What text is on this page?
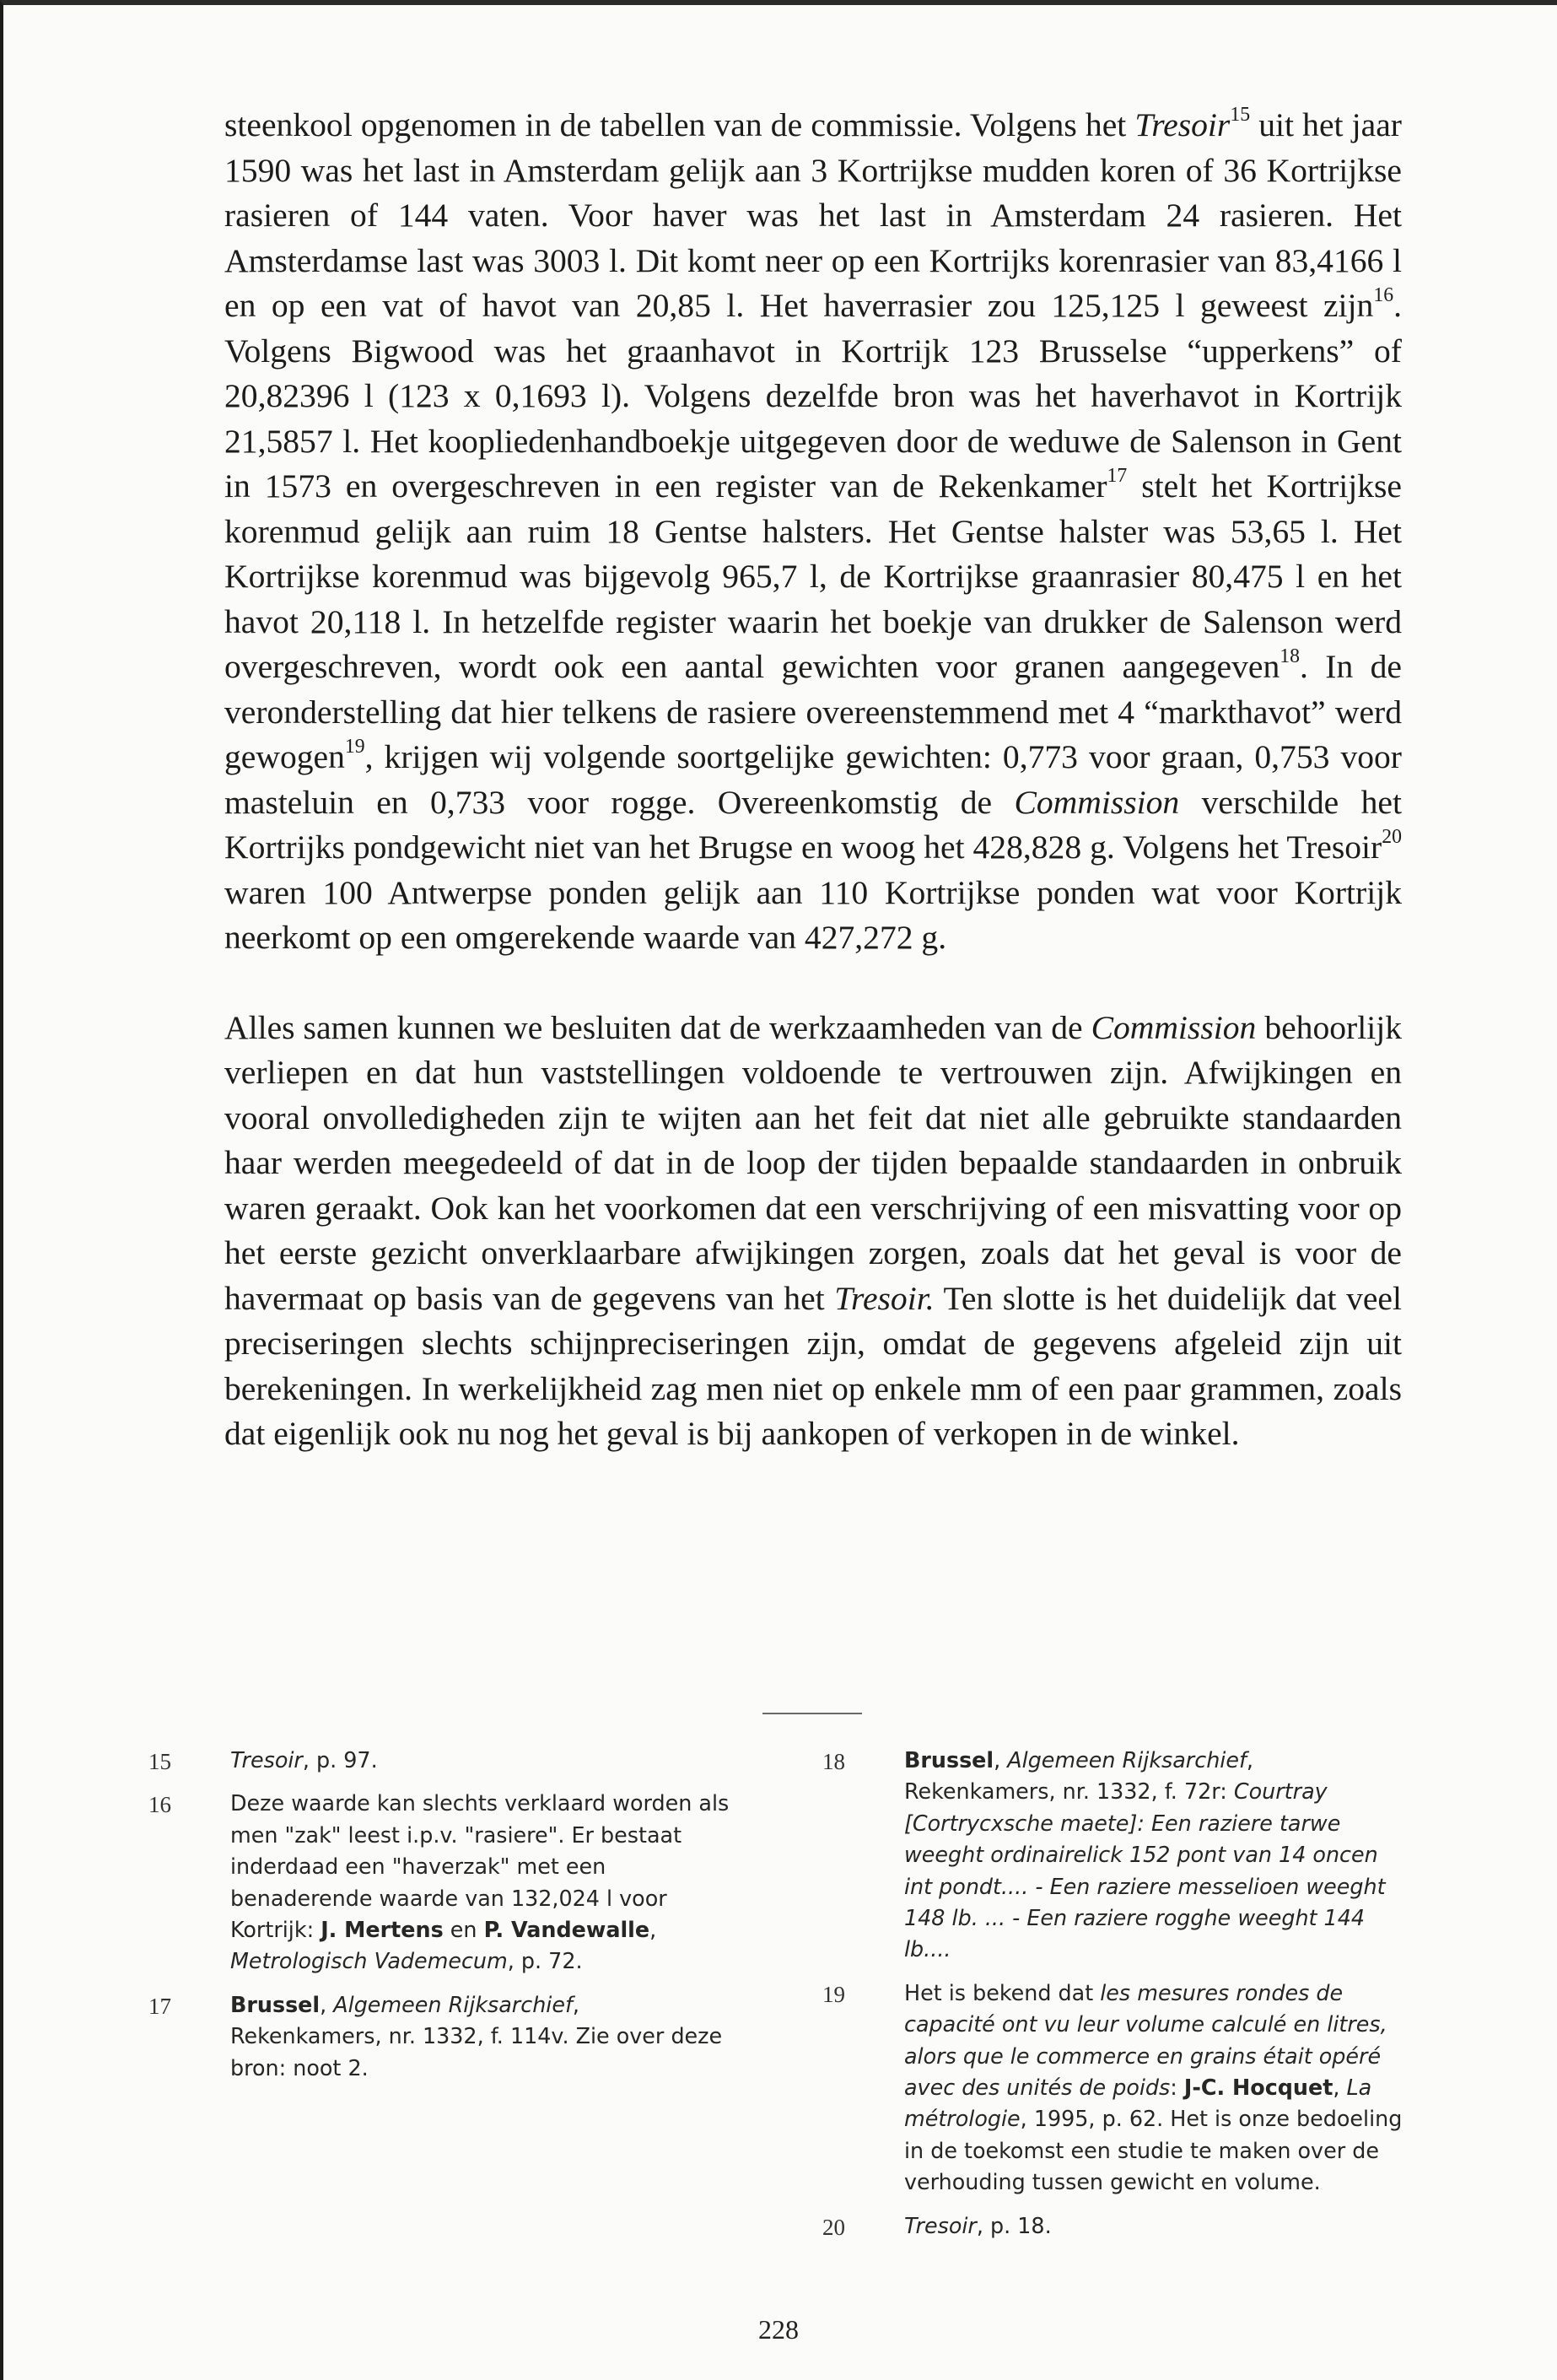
steenkool opgenomen in de tabellen van de commissie. Volgens het Tresoir$^{15}$ uit het jaar 1590 was het last in Amsterdam gelijk aan 3 Kortrijkse mudden koren of 36 Kortrijkse rasieren of 144 vaten. Voor haver was het last in Amsterdam 24 rasieren. Het Amsterdamse last was 3003 l. Dit komt neer op een Kortrijks korenrasier van 83,4166 l en op een vat of havot van 20,85 l. Het haverrasier zou 125,125 l geweest zijn$^{16}$. Volgens Bigwood was het graanhavot in Kortrijk 123 Brusselse “upperkens” of 20,82396 l (123 x 0,1693 l). Volgens dezelfde bron was het haverhavot in Kortrijk 21,5857 l. Het koopliedenhandboekje uitgegeven door de weduwe de Salenson in Gent in 1573 en overgeschreven in een register van de Rekenkamer$^{17}$ stelt het Kortrijkse korenmud gelijk aan ruim 18 Gentse halsters. Het Gentse halster was 53,65 l. Het Kortrijkse korenmud was bijgevolg 965,7 l, de Kortrijkse graanrasier 80,475 l en het havot 20,118 l. In hetzelfde register waarin het boekje van drukker de Salenson werd overgeschreven, wordt ook een aantal gewichten voor granen aangegeven$^{18}$. In de veronderstelling dat hier telkens de rasiere overeenstemmend met 4 “markthavot” werd gewogen$^{19}$, krijgen wij volgende soortgelijke gewichten: 0,773 voor graan, 0,753 voor masteluin en 0,733 voor rogge. Overeenkomstig de Commission verschilde het Kortrijks pondgewicht niet van het Brugse en woog het 428,828 g. Volgens het Tresoir$^{20}$ waren 100 Antwerpse ponden gelijk aan 110 Kortrijkse ponden wat voor Kortrijk neerkomt op een omgerekende waarde van 427,272 g.

Alles samen kunnen we besluiten dat de werkzaamheden van de Commission behoorlijk verliepen en dat hun vaststellingen voldoende te vertrouwen zijn. Afwijkingen en vooral onvolledigheden zijn te wijten aan het feit dat niet alle gebruikte standaarden haar werden meegedeeld of dat in de loop der tijden bepaalde standaarden in onbruik waren geraakt. Ook kan het voorkomen dat een verschrijving of een misvatting voor op het eerste gezicht onverklaarbare afwijkingen zorgen, zoals dat het geval is voor de havermaat op basis van de gegevens van het Tresoir. Ten slotte is het duidelijk dat veel preciseringen slechts schijnpreciseringen zijn, omdat de gegevens afgeleid zijn uit berekeningen. In werkelijkheid zag men niet op enkele mm of een paar grammen, zoals dat eigenlijk ook nu nog het geval is bij aankopen of verkopen in de winkel.

15	Tresoir, p. 97.
16	Deze waarde kan slechts verklaard worden als men "zak" leest i.p.v. "rasiere". Er bestaat inderdaad een "haverzak" met een benaderende waarde van 132,024 l voor Kortrijk: J. Mertens en P. Vandewalle, Metrologisch Vademecum, p. 72.
17	Brussel, Algemeen Rijksarchief, Rekenkamers, nr. 1332, f. 114v. Zie over deze bron: noot 2.
18	Brussel, Algemeen Rijksarchief, Rekenkamers, nr. 1332, f. 72r: Courtray [Cortrycxsche maete]: Een raziere tarwe weeght ordinairelick 152 pont van 14 oncen int pondt.... - Een raziere messelioen weeght 148 lb. ... - Een raziere rogghe weeght 144 lb....
19	Het is bekend dat les mesures rondes de capacité ont vu leur volume calculé en litres, alors que le commerce en grains était opéré avec des unités de poids: J-C. Hocquet, La métrologie, 1995, p. 62. Het is onze bedoeling in de toekomst een studie te maken over de verhouding tussen gewicht en volume.
20	Tresoir, p. 18.
228
